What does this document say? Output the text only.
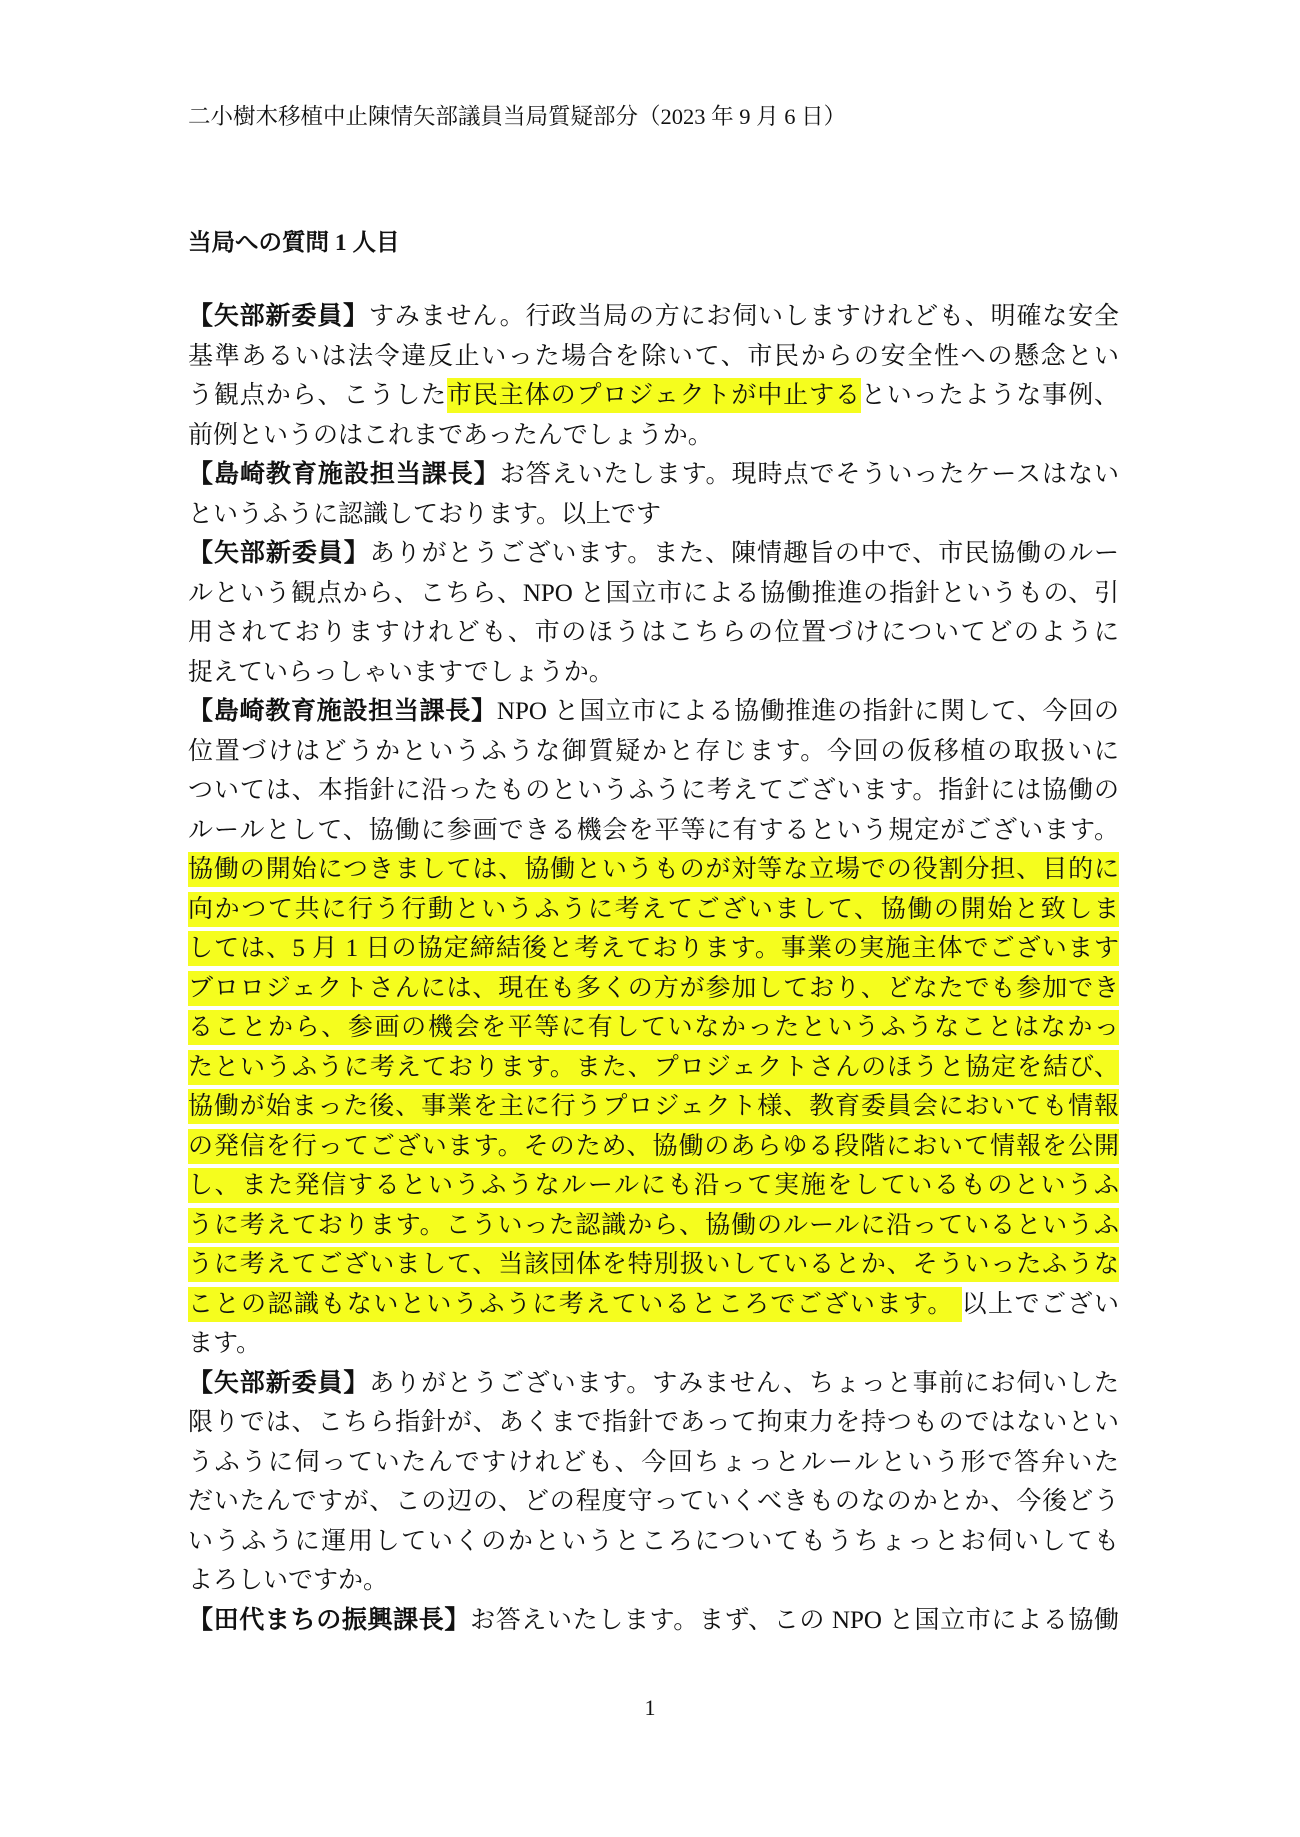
二小樹木移植中止陳情矢部議員当局質疑部分（2023 年 9 月 6 日）
当局への質問 1 人目
【矢部新委員】すみません。行政当局の方にお伺いしますけれども、明確な安全
基準あるいは法令違反止いった場合を除いて、市民からの安全性への懸念とい
う観点から、こうした市民主体のプロジェクトが中止するといったような事例、
前例というのはこれまであったんでしょうか。
【島崎教育施設担当課長】お答えいたします。現時点でそういったケースはない
というふうに認識しております。以上です
【矢部新委員】ありがとうございます。また、陳情趣旨の中で、市民協働のルー
ルという観点から、こちら、NPO と国立市による協働推進の指針というもの、引
用されておりますけれども、市のほうはこちらの位置づけについてどのように
捉えていらっしゃいますでしょうか。
【島崎教育施設担当課長】NPO と国立市による協働推進の指針に関して、今回の
位置づけはどうかというふうな御質疑かと存じます。今回の仮移植の取扱いに
ついては、本指針に沿ったものというふうに考えてございます。指針には協働の
ルールとして、協働に参画できる機会を平等に有するという規定がございます。
協働の開始につきましては、協働というものが対等な立場での役割分担、目的に
向かつて共に行う行動というふうに考えてございまして、協働の開始と致しま
しては、5 月 1 日の協定締結後と考えております。事業の実施主体でございます
ブロロジェクトさんには、現在も多くの方が参加しており、どなたでも参加でき
ることから、参画の機会を平等に有していなかったというふうなことはなかっ
たというふうに考えております。また、プロジェクトさんのほうと協定を結び、
協働が始まった後、事業を主に行うプロジェクト様、教育委員会においても情報
の発信を行ってございます。そのため、協働のあらゆる段階において情報を公開
し、また発信するというふうなルールにも沿って実施をしているものというふ
うに考えております。こういった認識から、協働のルールに沿っているというふ
うに考えてございまして、当該団体を特別扱いしているとか、そういったふうな
ことの認識もないというふうに考えているところでございます。 以上でござい
ます。
【矢部新委員】ありがとうございます。すみません、ちょっと事前にお伺いした
限りでは、こちら指針が、あくまで指針であって拘束力を持つものではないとい
うふうに伺っていたんですけれども、今回ちょっとルールという形で答弁いた
だいたんですが、この辺の、どの程度守っていくべきものなのかとか、今後どう
いうふうに運用していくのかというところについてもうちょっとお伺いしても
よろしいですか。
【田代まちの振興課長】お答えいたします。まず、この NPO と国立市による協働
1
